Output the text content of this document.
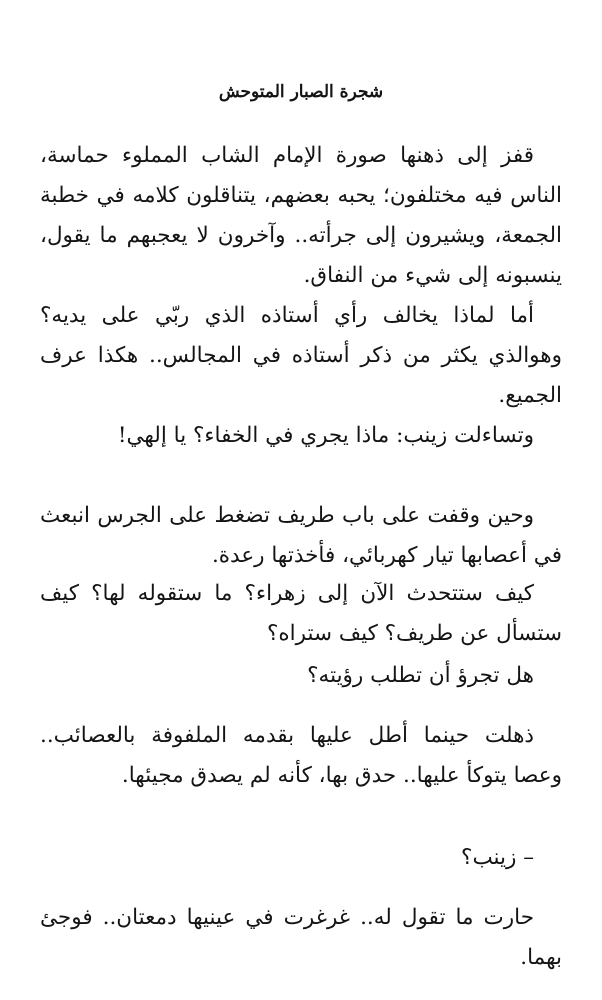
شجرة الصبار المتوحش

قفز إلى ذهنها صورة الإمام الشاب المملوء حماسة، الناس فيه مختلفون؛ يحبه بعضهم، يتناقلون كلامه في خطبة الجمعة، ويشيرون إلى جرأته.. وآخرون لا يعجبهم ما يقول، ينسبونه إلى شيء من النفاق.

أما لماذا يخالف رأي أستاذه الذي ربّي على يديه؟ وهوالذي يكثر من ذكر أستاذه في المجالس.. هكذا عرف الجميع.

وتساءلت زينب: ماذا يجري في الخفاء؟ يا إلهي!

وحين وقفت على باب طريف تضغط على الجرس انبعث في أعصابها تيار كهربائي، فأخذتها رعدة.

كيف ستتحدث الآن إلى زهراء؟ ما ستقوله لها؟ كيف ستسأل عن طريف؟ كيف ستراه؟

هل تجرؤ أن تطلب رؤيته؟

ذهلت حينما أطل عليها بقدمه الملفوفة بالعصائب.. وعصا يتوكأ عليها.. حدق بها، كأنه لم يصدق مجيئها.

– زينب؟

حارت ما تقول له.. غرغرت في عينيها دمعتان.. فوجئ بهما.
